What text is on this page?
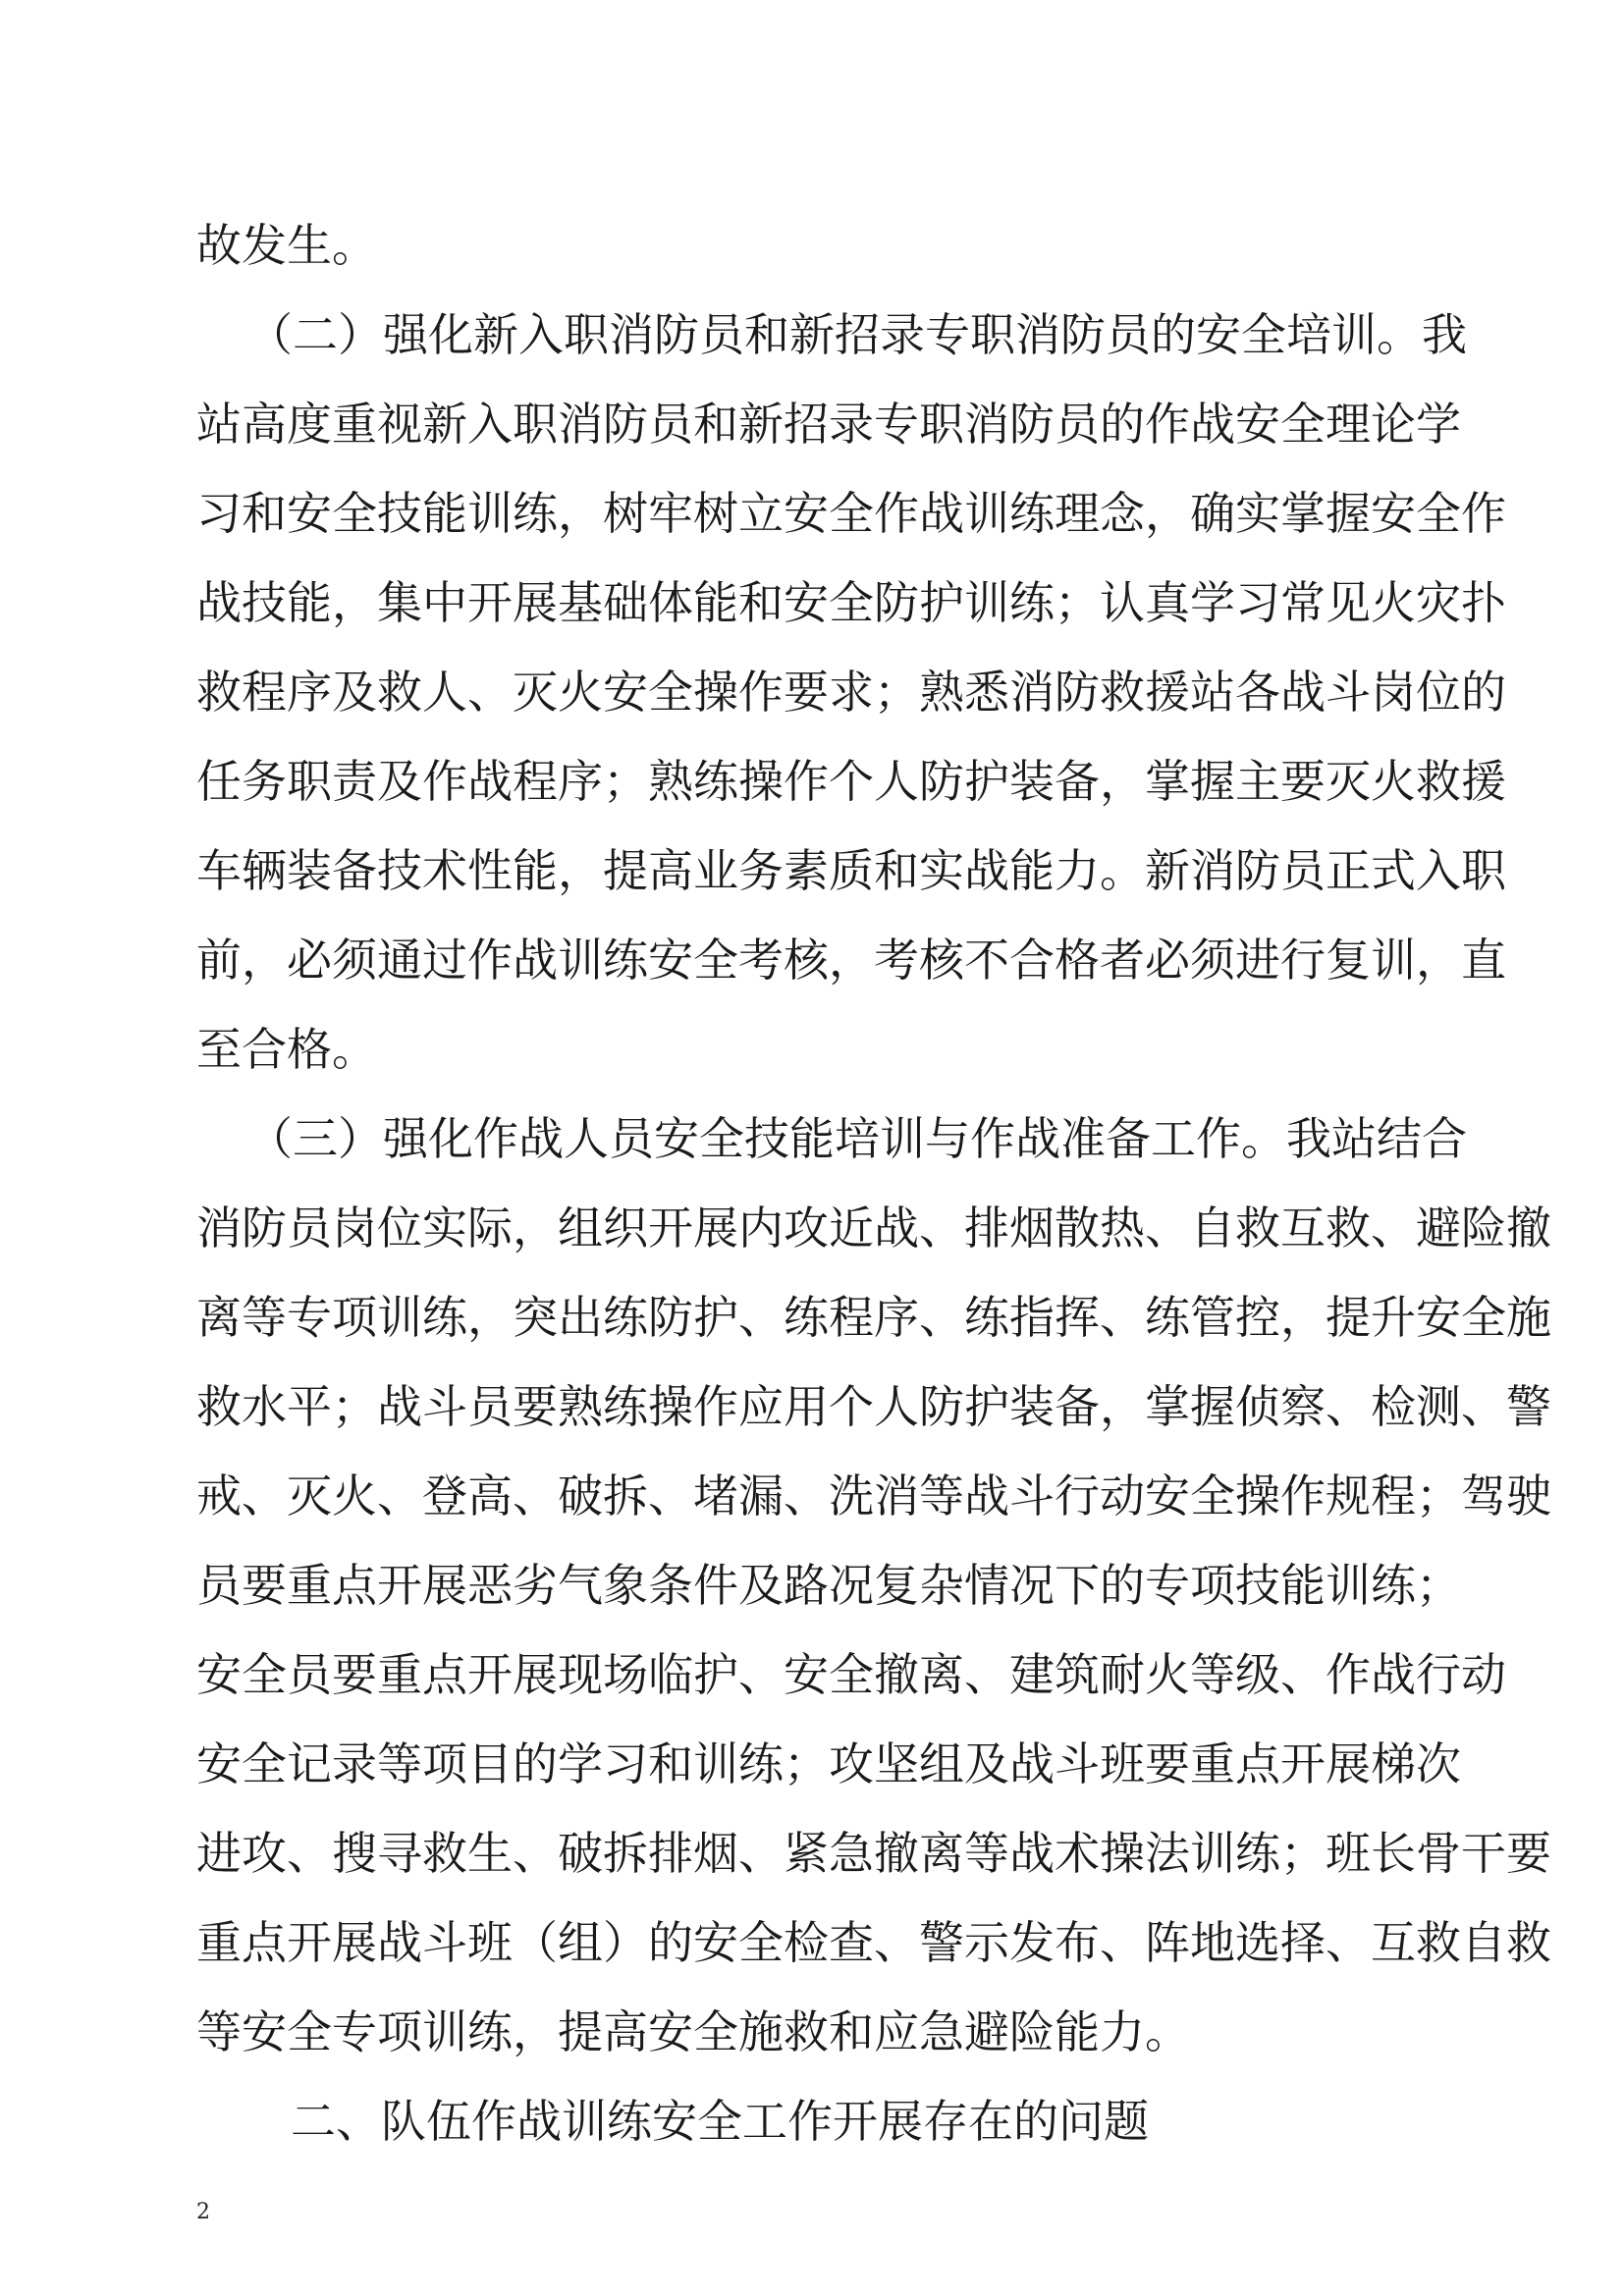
故发生。
（二）强化新入职消防员和新招录专职消防员的安全培训。我
站高度重视新入职消防员和新招录专职消防员的作战安全理论学
习和安全技能训练，树牢树立安全作战训练理念，确实掌握安全作
战技能，集中开展基础体能和安全防护训练；认真学习常见火灾扑
救程序及救人、灭火安全操作要求；熟悉消防救援站各战斗岗位的
任务职责及作战程序；熟练操作个人防护装备，掌握主要灭火救援
车辆装备技术性能，提高业务素质和实战能力。新消防员正式入职
前，必须通过作战训练安全考核，考核不合格者必须进行复训，直
至合格。
（三）强化作战人员安全技能培训与作战准备工作。我站结合
消防员岗位实际，组织开展内攻近战、排烟散热、自救互救、避险撤
离等专项训练，突出练防护、练程序、练指挥、练管控，提升安全施
救水平；战斗员要熟练操作应用个人防护装备，掌握侦察、检测、警
戒、灭火、登高、破拆、堵漏、洗消等战斗行动安全操作规程；驾驶
员要重点开展恶劣气象条件及路况复杂情况下的专项技能训练；
安全员要重点开展现场临护、安全撤离、建筑耐火等级、作战行动
安全记录等项目的学习和训练；攻坚组及战斗班要重点开展梯次
进攻、搜寻救生、破拆排烟、紧急撤离等战术操法训练；班长骨干要
重点开展战斗班（组）的安全检查、警示发布、阵地选择、互救自救
等安全专项训练，提高安全施救和应急避险能力。
二、队伍作战训练安全工作开展存在的问题
2
